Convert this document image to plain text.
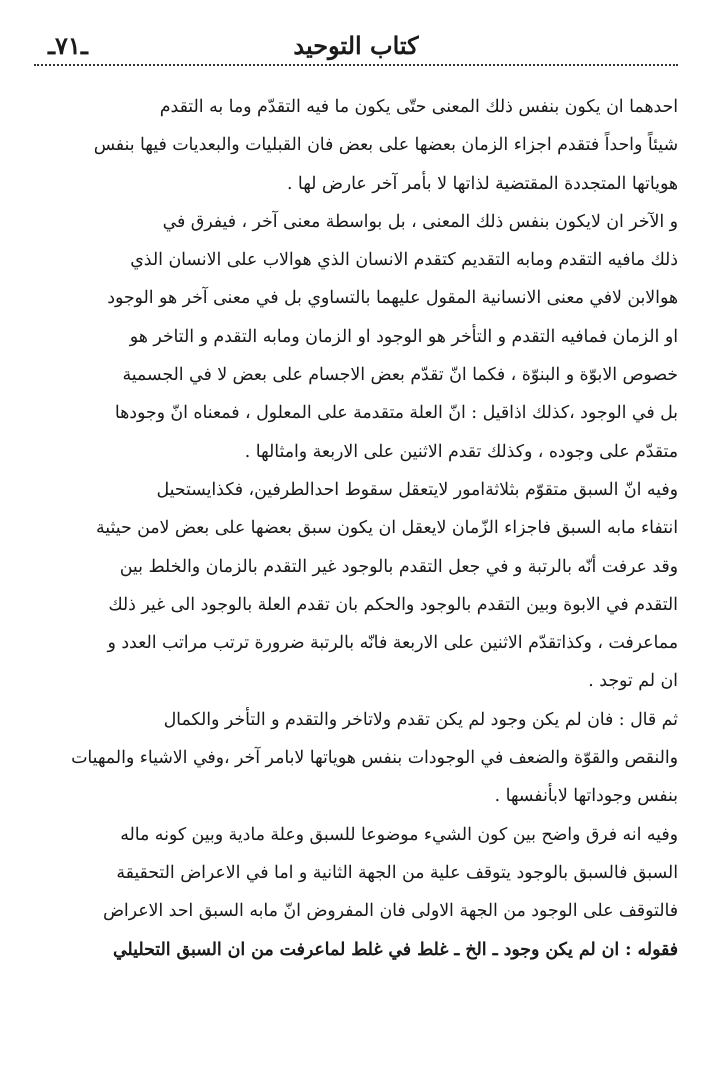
كتاب التوحيد
ـ٧١ـ

احدهما ان يكون بنفس ذلك المعنى حتّى يكون ما فيه التقدّم وما به التقدم
شيئاً واحداً فتقدم اجزاء الزمان بعضها على بعض فان القبليات والبعديات فيها بنفس
هوياتها المتجددة المقتضية لذاتها لا بأمر آخر عارض لها .

و الآخر ان لايكون بنفس ذلك المعنى ، بل بواسطة معنى آخر ، فيفرق في
ذلك مافيه التقدم ومابه التقديم كتقدم الانسان الذي هوالاب على الانسان الذي
هوالابن لافي معنى الانسانية المقول عليهما بالتساوي بل في معنى آخر هو الوجود
او الزمان فمافيه التقدم و التأخر هو الوجود او الزمان ومابه التقدم و التاخر هو
خصوص الابوّة و البنوّة ، فكما انّ تقدّم بعض الاجسام على بعض لا في الجسمية
بل في الوجود ،كذلك اذاقيل : انّ العلة متقدمة على المعلول ، فمعناه انّ وجودها
متقدّم على وجوده ، وكذلك تقدم الاثنين على الاربعة وامثالها .

وفيه انّ السبق متقوّم بثلاثةامور لايتعقل سقوط احدالطرفين، فكذايستحيل
انتفاء مابه السبق فاجزاء الزّمان لايعقل ان يكون سبق بعضها على بعض لامن حيثية
وقد عرفت أنّه بالرتبة و في جعل التقدم بالوجود غير التقدم بالزمان والخلط بين
التقدم في الابوة وبين التقدم بالوجود والحكم بان تقدم العلة بالوجود الى غير ذلك
مماعرفت ، وكذاتقدّم الاثنين على الاربعة فانّه بالرتبة ضرورة ترتب مراتب العدد و
ان لم توجد .

ثم قال : فان لم يكن وجود لم يكن تقدم ولاتاخر والتقدم و التأخر والكمال
والنقص والقوّة والضعف في الوجودات بنفس هوياتها لابامر آخر ،وفي الاشياء والمهيات
بنفس وجوداتها لابأنفسها .

وفيه انه فرق واضح بين كون الشيء موضوعا للسبق وعلة مادية وبين كونه ماله
السبق فالسبق بالوجود يتوقف علية من الجهة الثانية و اما في الاعراض التحقيقة
فالتوقف على الوجود من الجهة الاولى فان المفروض انّ مابه السبق احد الاعراض
فقوله : ان لم يكن وجود ـ الخ ـ غلط في غلط لماعرفت من ان السبق التحليلي
